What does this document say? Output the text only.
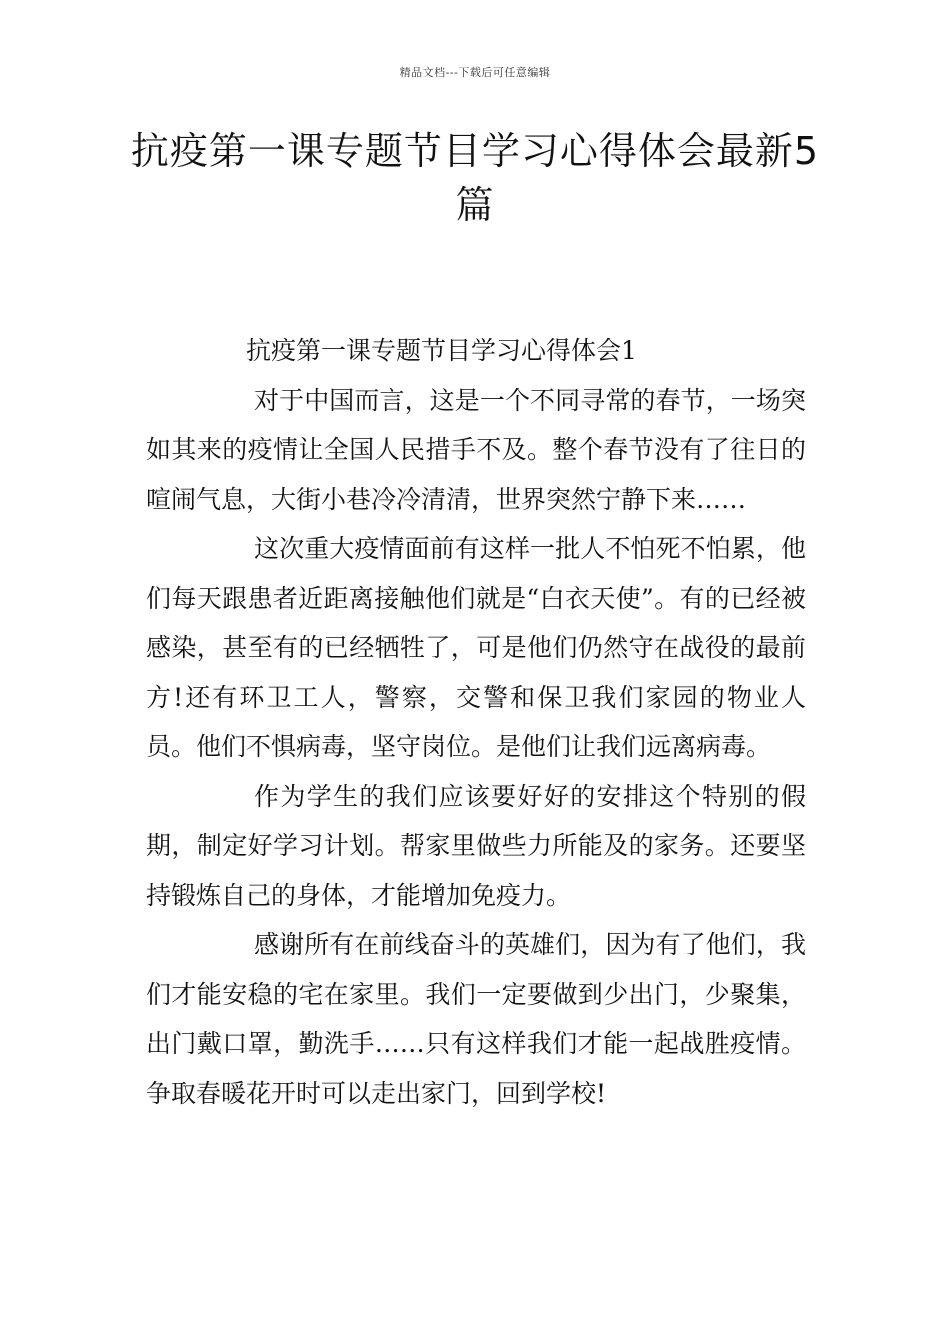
精品文档---下载后可任意编辑
抗疫第一课专题节目学习心得体会最新5篇

抗疫第一课专题节目学习心得体会1

对于中国而言，这是一个不同寻常的春节，一场突如其来的疫情让全国人民措手不及。整个春节没有了往日的喧闹气息，大街小巷冷冷清清，世界突然宁静下来……

这次重大疫情面前有这样一批人不怕死不怕累，他们每天跟患者近距离接触他们就是“白衣天使”。有的已经被感染，甚至有的已经牺牲了，可是他们仍然守在战役的最前方!还有环卫工人，警察，交警和保卫我们家园的物业人员。他们不惧病毒，坚守岗位。是他们让我们远离病毒。

作为学生的我们应该要好好的安排这个特别的假期，制定好学习计划。帮家里做些力所能及的家务。还要坚持锻炼自己的身体，才能增加免疫力。

感谢所有在前线奋斗的英雄们，因为有了他们，我们才能安稳的宅在家里。我们一定要做到少出门，少聚集，出门戴口罩，勤洗手……只有这样我们才能一起战胜疫情。争取春暖花开时可以走出家门，回到学校!
